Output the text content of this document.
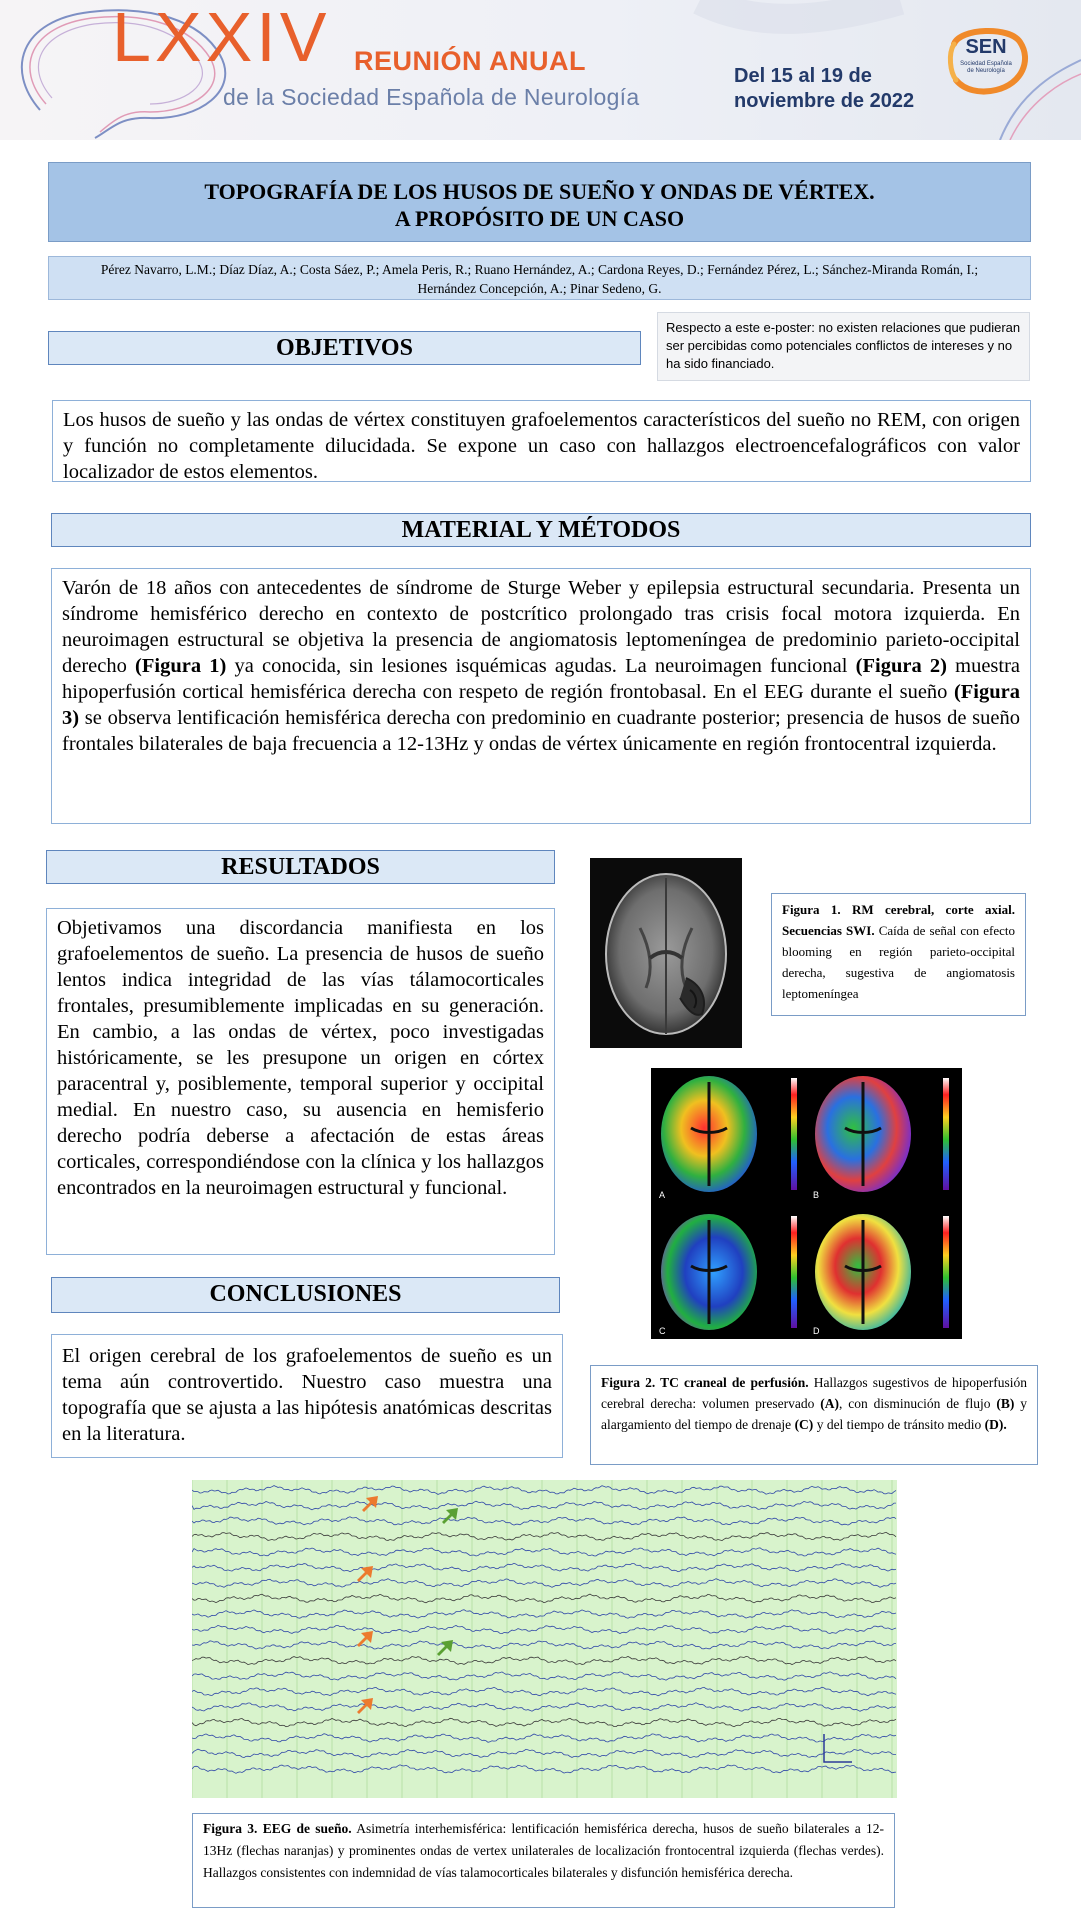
LXXIV REUNIÓN ANUAL
de la Sociedad Española de Neurología
Del 15 al 19 de
noviembre de 2022
SEN
Sociedad Española
de Neurología
TOPOGRAFÍA DE LOS HUSOS DE SUEÑO Y ONDAS DE VÉRTEX.
A PROPÓSITO DE UN CASO
Pérez Navarro, L.M.; Díaz Díaz, A.; Costa Sáez, P.; Amela Peris, R.; Ruano Hernández, A.; Cardona Reyes, D.; Fernández Pérez, L.; Sánchez-Miranda Román, I.;
Hernández Concepción, A.; Pinar Sedeno, G.
OBJETIVOS
Respecto a este e-poster: no existen relaciones que pudieran ser percibidas como potenciales conflictos de intereses y no ha sido financiado.
Los husos de sueño y las ondas de vértex constituyen grafoelementos característicos del sueño no REM, con origen y función no completamente dilucidada. Se expone un caso con hallazgos electroencefalográficos con valor localizador de estos elementos.
MATERIAL Y MÉTODOS
Varón de 18 años con antecedentes de síndrome de Sturge Weber y epilepsia estructural secundaria. Presenta un síndrome hemisférico derecho en contexto de postcrítico prolongado tras crisis focal motora izquierda. En neuroimagen estructural se objetiva la presencia de angiomatosis leptomeníngea de predominio parieto-occipital derecho (Figura 1) ya conocida, sin lesiones isquémicas agudas. La neuroimagen funcional (Figura 2) muestra hipoperfusión cortical hemisférica derecha con respeto de región frontobasal. En el EEG durante el sueño (Figura 3) se observa lentificación hemisférica derecha con predominio en cuadrante posterior; presencia de husos de sueño frontales bilaterales de baja frecuencia a 12-13Hz y ondas de vértex únicamente en región frontocentral izquierda.
RESULTADOS
Objetivamos una discordancia manifiesta en los grafoelementos de sueño. La presencia de husos de sueño lentos indica integridad de las vías tálamocorticales frontales, presumiblemente implicadas en su generación. En cambio, a las ondas de vértex, poco investigadas históricamente, se les presupone un origen en córtex paracentral y, posiblemente, temporal superior y occipital medial. En nuestro caso, su ausencia en hemisferio derecho podría deberse a afectación de estas áreas corticales, correspondiéndose con la clínica y los hallazgos encontrados en la neuroimagen estructural y funcional.
CONCLUSIONES
El origen cerebral de los grafoelementos de sueño es un tema aún controvertido. Nuestro caso muestra una topografía que se ajusta a las hipótesis anatómicas descritas en la literatura.
Figura 1. RM cerebral, corte axial. Secuencias SWI. Caída de señal con efecto blooming en región parieto-occipital derecha, sugestiva de angiomatosis leptomeníngea
A	B
C	D
Figura 2. TC craneal de perfusión. Hallazgos sugestivos de hipoperfusión cerebral derecha: volumen preservado (A), con disminución de flujo (B) y alargamiento del tiempo de drenaje (C) y del tiempo de tránsito medio (D).
Figura 3. EEG de sueño. Asimetría interhemisférica: lentificación hemisférica derecha, husos de sueño bilaterales a 12-13Hz (flechas naranjas) y prominentes ondas de vertex unilaterales de localización frontocentral izquierda (flechas verdes). Hallazgos consistentes con indemnidad de vías talamocorticales bilaterales y disfunción hemisférica derecha.
